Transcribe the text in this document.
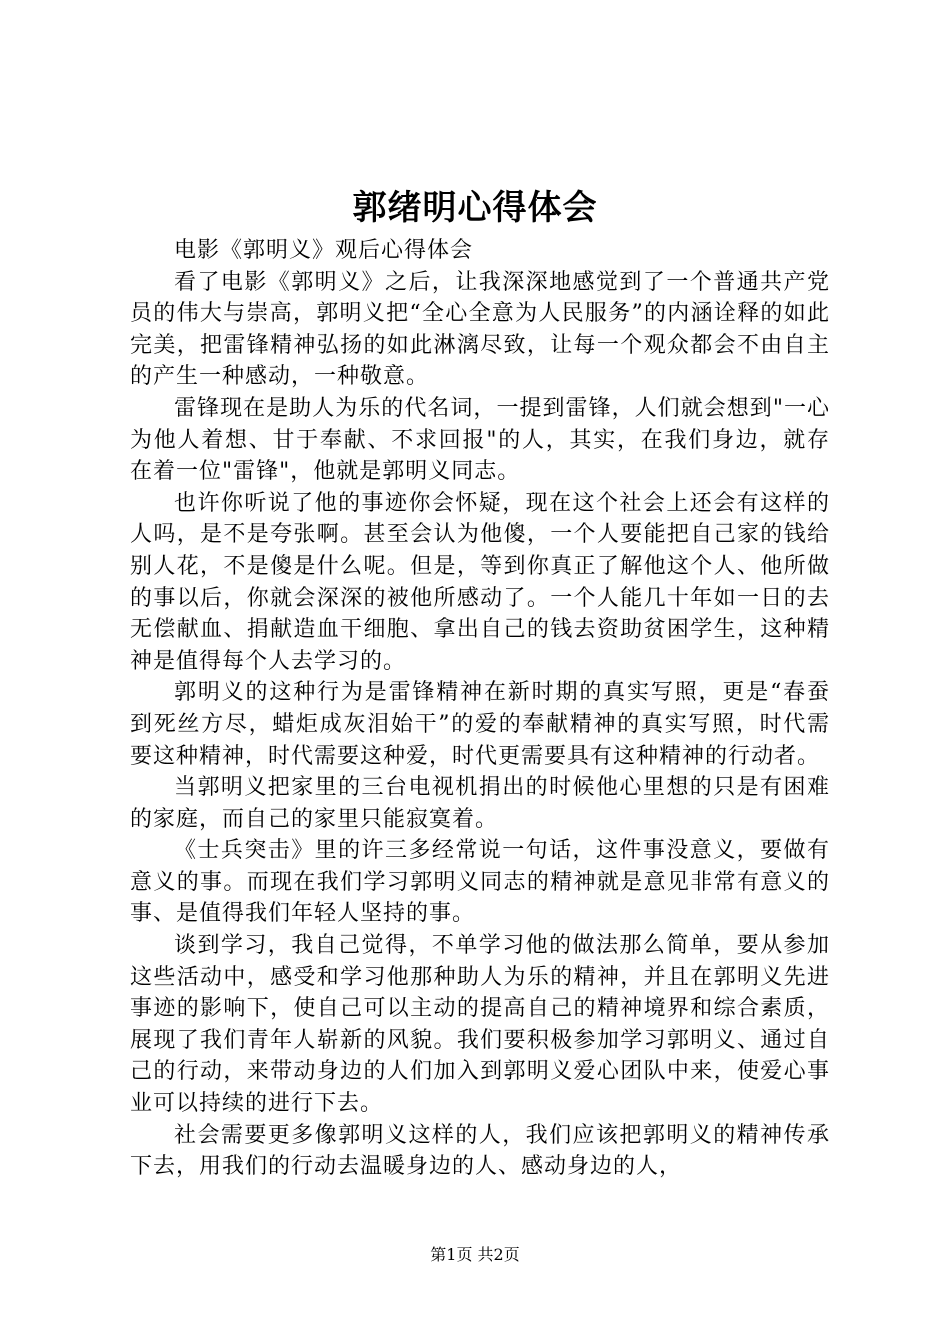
郭绪明心得体会

电影《郭明义》观后心得体会

看了电影《郭明义》之后，让我深深地感觉到了一个普通共产党员的伟大与崇高，郭明义把“全心全意为人民服务”的内涵诠释的如此完美，把雷锋精神弘扬的如此淋漓尽致，让每一个观众都会不由自主的产生一种感动，一种敬意。

雷锋现在是助人为乐的代名词，一提到雷锋，人们就会想到"一心为他人着想、甘于奉献、不求回报"的人，其实，在我们身边，就存在着一位"雷锋"，他就是郭明义同志。

也许你听说了他的事迹你会怀疑，现在这个社会上还会有这样的人吗，是不是夸张啊。甚至会认为他傻，一个人要能把自己家的钱给别人花，不是傻是什么呢。但是，等到你真正了解他这个人、他所做的事以后，你就会深深的被他所感动了。一个人能几十年如一日的去无偿献血、捐献造血干细胞、拿出自己的钱去资助贫困学生，这种精神是值得每个人去学习的。

郭明义的这种行为是雷锋精神在新时期的真实写照，更是“春蚕到死丝方尽，蜡炬成灰泪始干”的爱的奉献精神的真实写照，时代需要这种精神，时代需要这种爱，时代更需要具有这种精神的行动者。

当郭明义把家里的三台电视机捐出的时候他心里想的只是有困难的家庭，而自己的家里只能寂寞着。

《士兵突击》里的许三多经常说一句话，这件事没意义，要做有意义的事。而现在我们学习郭明义同志的精神就是意见非常有意义的事、是值得我们年轻人坚持的事。

谈到学习，我自己觉得，不单学习他的做法那么简单，要从参加这些活动中，感受和学习他那种助人为乐的精神，并且在郭明义先进事迹的影响下，使自己可以主动的提高自己的精神境界和综合素质，展现了我们青年人崭新的风貌。我们要积极参加学习郭明义、通过自己的行动，来带动身边的人们加入到郭明义爱心团队中来，使爱心事业可以持续的进行下去。

社会需要更多像郭明义这样的人，我们应该把郭明义的精神传承下去，用我们的行动去温暖身边的人、感动身边的人，

第1页 共2页
